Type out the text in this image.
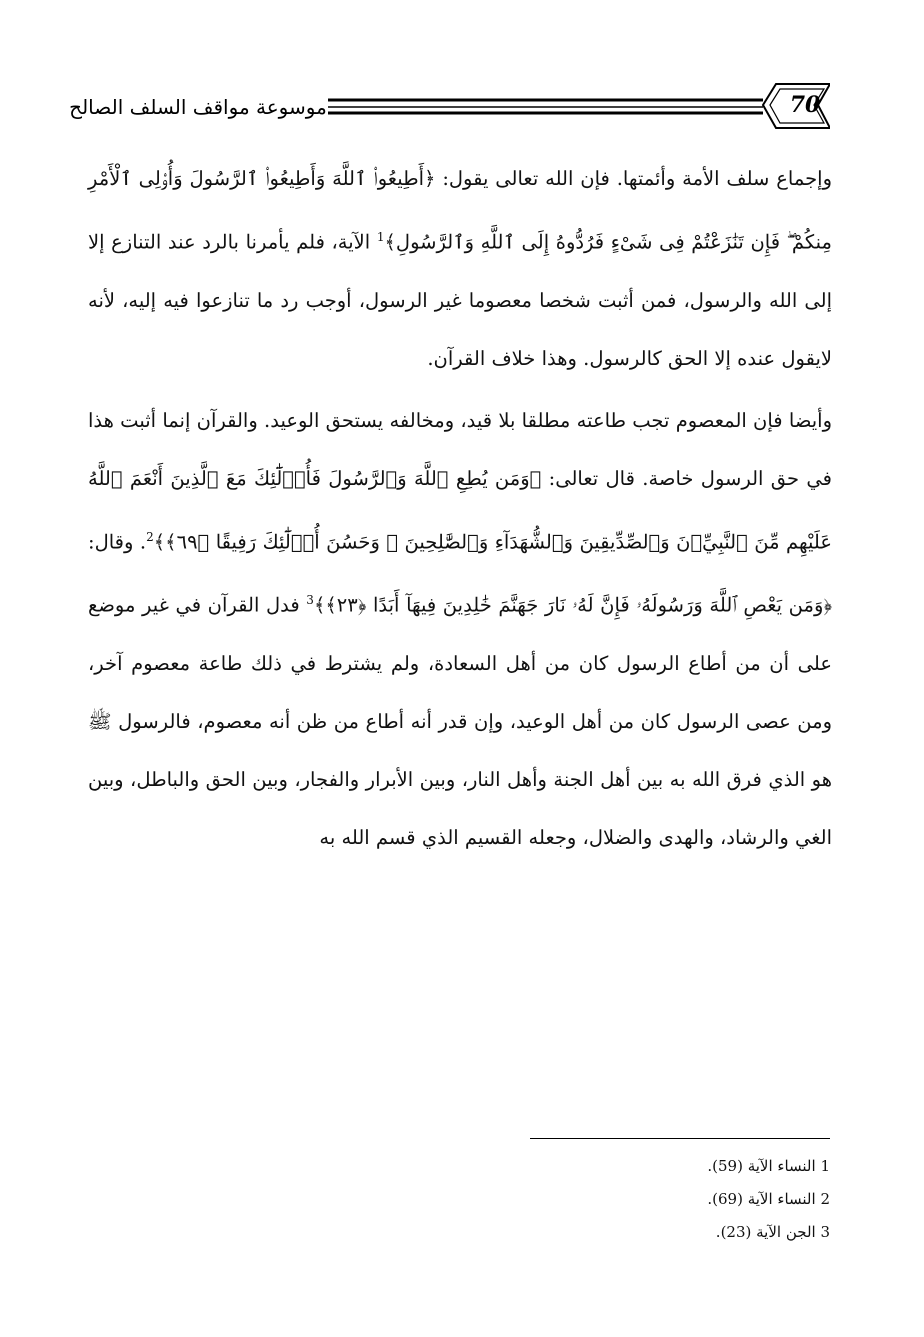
70
موسوعة مواقف السلف الصالح

وإجماع سلف الأمة وأئمتها. فإن الله تعالى يقول: ﴿أَطِيعُوا۟ ٱللَّهَ وَأَطِيعُوا۟ ٱلرَّسُولَ وَأُو۟لِى ٱلْأَمْرِ مِنكُمْ ۖ فَإِن تَنَٰزَعْتُمْ فِى شَىْءٍ فَرُدُّوهُ إِلَى ٱللَّهِ وَٱلرَّسُولِ﴾$^1$ الآية، فلم يأمرنا بالرد عند التنازع إلا إلى الله والرسول، فمن أثبت شخصا معصوما غير الرسول، أوجب رد ما تنازعوا فيه إليه، لأنه لايقول عنده إلا الحق كالرسول. وهذا خلاف القرآن.

وأيضا فإن المعصوم تجب طاعته مطلقا بلا قيد، ومخالفه يستحق الوعيد. والقرآن إنما أثبت هذا في حق الرسول خاصة. قال تعالى: ﴿وَمَن يُطِعِ ٱللَّهَ وَٱلرَّسُولَ فَأُو۟لَٰٓئِكَ مَعَ ٱلَّذِينَ أَنْعَمَ ٱللَّهُ عَلَيْهِم مِّنَ ٱلنَّبِيِّۦنَ وَٱلصِّدِّيقِينَ وَٱلشُّهَدَآءِ وَٱلصَّٰلِحِينَ ۚ وَحَسُنَ أُو۟لَٰٓئِكَ رَفِيقًا ﴿٦٩﴾﴾$^2$. وقال: ﴿وَمَن يَعْصِ ٱللَّهَ وَرَسُولَهُۥ فَإِنَّ لَهُۥ نَارَ جَهَنَّمَ خَٰلِدِينَ فِيهَآ أَبَدًا ﴿٢٣﴾﴾$^3$ فدل القرآن في غير موضع على أن من أطاع الرسول كان من أهل السعادة، ولم يشترط في ذلك طاعة معصوم آخر، ومن عصى الرسول كان من أهل الوعيد، وإن قدر أنه أطاع من ظن أنه معصوم، فالرسول ﷺ هو الذي فرق الله به بين أهل الجنة وأهل النار، وبين الأبرار والفجار، وبين الحق والباطل، وبين الغي والرشاد، والهدى والضلال، وجعله القسيم الذي قسم الله به

1 النساء الآية (59).
2 النساء الآية (69).
3 الجن الآية (23).
